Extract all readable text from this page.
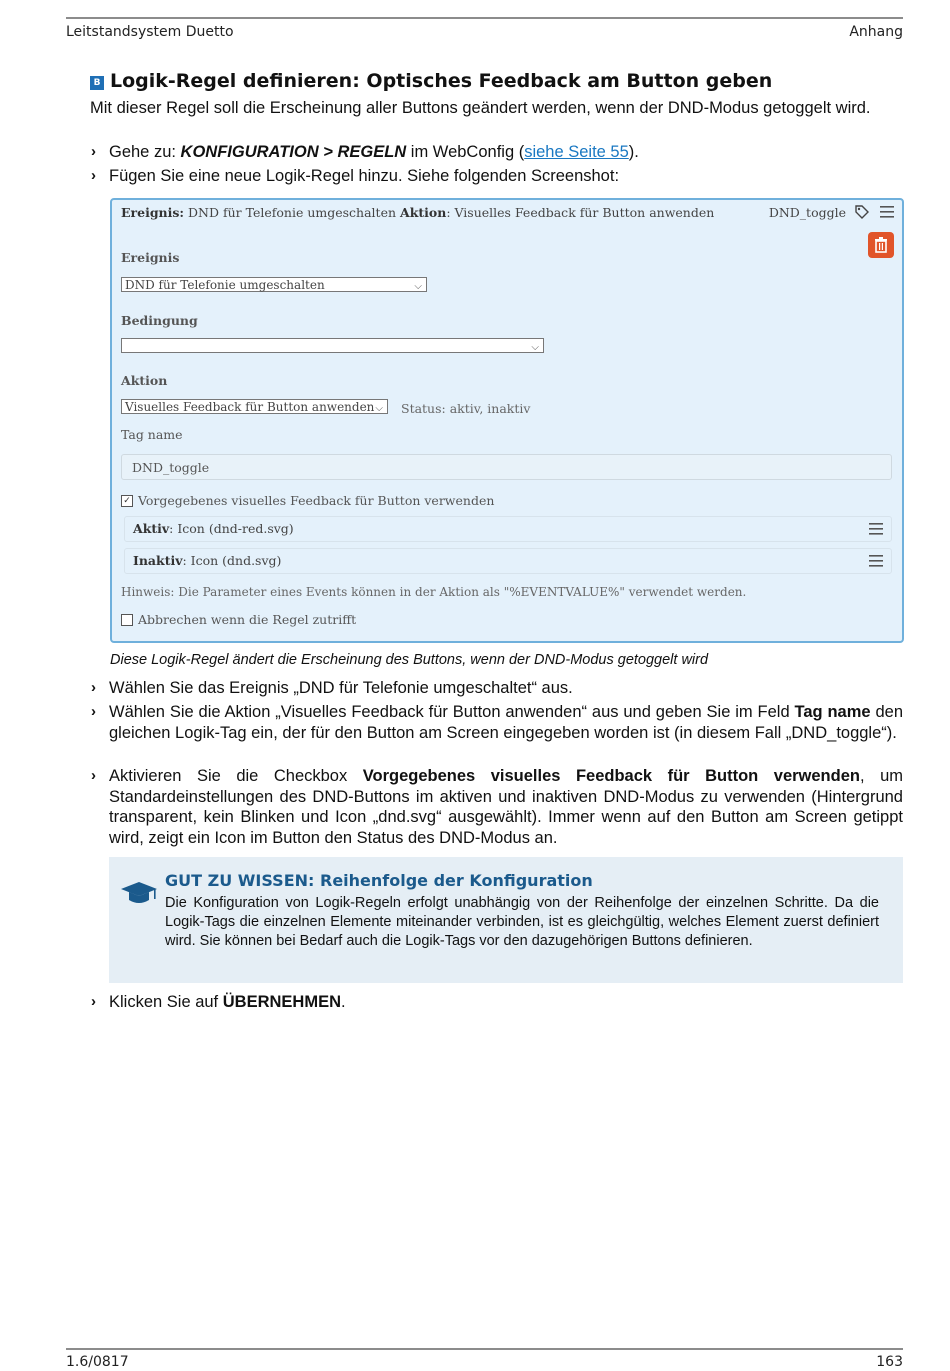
Leitstandsystem Duetto	Anhang
B Logik-Regel definieren: Optisches Feedback am Button geben
Mit dieser Regel soll die Erscheinung aller Buttons geändert werden, wenn der DND-Modus getoggelt wird.
› Gehe zu: KONFIGURATION > REGELN im WebConfig (siehe Seite 55).
› Fügen Sie eine neue Logik-Regel hinzu. Siehe folgenden Screenshot:
Ereignis: DND für Telefonie umgeschalten Aktion: Visuelles Feedback für Button anwenden	DND_toggle
Ereignis
DND für Telefonie umgeschalten	⌵
Bedingung
⌵
Aktion
Visuelles Feedback für Button anwenden ⌵ Status: aktiv, inaktiv
Tag name
DND_toggle
✓ Vorgegebenes visuelles Feedback für Button verwenden
Aktiv: Icon (dnd-red.svg)
Inaktiv: Icon (dnd.svg)
Hinweis: Die Parameter eines Events können in der Aktion als "%EVENTVALUE%" verwendet werden.
Abbrechen wenn die Regel zutrifft
Diese Logik-Regel ändert die Erscheinung des Buttons, wenn der DND-Modus getoggelt wird
› Wählen Sie das Ereignis „DND für Telefonie umgeschaltet“ aus.
› Wählen Sie die Aktion „Visuelles Feedback für Button anwenden“ aus und geben Sie im Feld Tag name den gleichen Logik-Tag ein, der für den Button am Screen eingegeben worden ist (in diesem Fall „DND_toggle“).
› Aktivieren Sie die Checkbox Vorgegebenes visuelles Feedback für Button verwenden, um Standardeinstellungen des DND-Buttons im aktiven und inaktiven DND-Modus zu verwenden (Hintergrund transparent, kein Blinken und Icon „dnd.svg“ ausgewählt). Immer wenn auf den Button am Screen getippt wird, zeigt ein Icon im Button den Status des DND-Modus an.
GUT ZU WISSEN: Reihenfolge der Konfiguration
Die Konfiguration von Logik-Regeln erfolgt unabhängig von der Reihenfolge der einzelnen Schritte. Da die Logik-Tags die einzelnen Elemente miteinander verbinden, ist es gleichgültig, welches Element zuerst definiert wird. Sie können bei Bedarf auch die Logik-Tags vor den dazugehörigen Buttons definieren.
› Klicken Sie auf ÜBERNEHMEN.
1.6/0817	163
